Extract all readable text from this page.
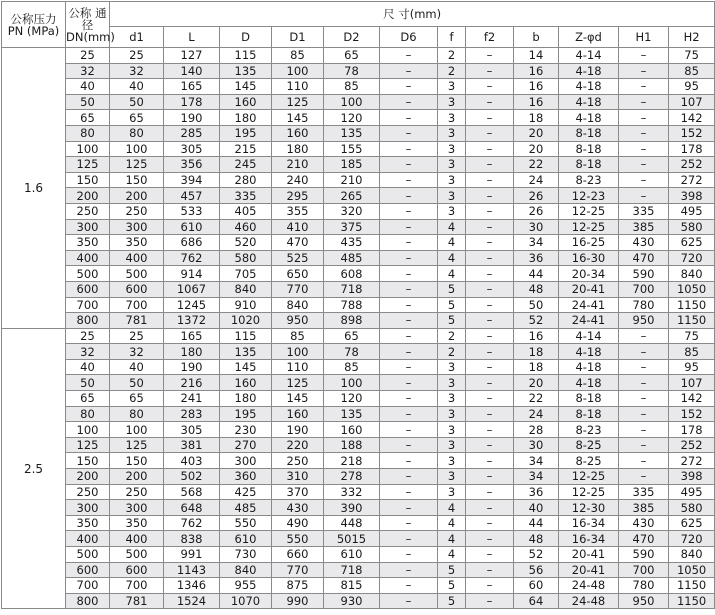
公称压力 PN (MPa)	公称 通径 DN(mm)	尺 寸(mm)											
		d1	L	D	D1	D2	D6	f	f2	b	Z-φd	H1	H2
1.6	25	25	127	115	85	65	–	2	–	14	4-14	–	75
	32	32	140	135	100	78	–	2	–	16	4-18	–	85
	40	40	165	145	110	85	–	3	–	16	4-18	–	95
	50	50	178	160	125	100	–	3	–	16	4-18	–	107
	65	65	190	180	145	120	–	3	–	18	4-18	–	142
	80	80	285	195	160	135	–	3	–	20	8-18	–	152
	100	100	305	215	180	155	–	3	–	20	8-18	–	178
	125	125	356	245	210	185	–	3	–	22	8-18	–	252
	150	150	394	280	240	210	–	3	–	24	8-23	–	272
	200	200	457	335	295	265	–	3	–	26	12-23	–	398
	250	250	533	405	355	320	–	3	–	26	12-25	335	495
	300	300	610	460	410	375	–	4	–	30	12-25	385	580
	350	350	686	520	470	435	–	4	–	34	16-25	430	625
	400	400	762	580	525	485	–	4	–	36	16-30	470	720
	500	500	914	705	650	608	–	4	–	44	20-34	590	840
	600	600	1067	840	770	718	–	5	–	48	20-41	700	1050
	700	700	1245	910	840	788	–	5	–	50	24-41	780	1150
	800	781	1372	1020	950	898	–	5	–	52	24-41	950	1150
2.5	25	25	165	115	85	65	–	2	–	16	4-14	–	75
	32	32	180	135	100	78	–	2	–	18	4-18	–	85
	40	40	190	145	110	85	–	3	–	18	4-18	–	95
	50	50	216	160	125	100	–	3	–	20	4-18	–	107
	65	65	241	180	145	120	–	3	–	22	8-18	–	142
	80	80	283	195	160	135	–	3	–	24	8-18	–	152
	100	100	305	230	190	160	–	3	–	28	8-23	–	178
	125	125	381	270	220	188	–	3	–	30	8-25	–	252
	150	150	403	300	250	218	–	3	–	34	8-25	–	272
	200	200	502	360	310	278	–	3	–	34	12-25	–	398
	250	250	568	425	370	332	–	3	–	36	12-25	335	495
	300	300	648	485	430	390	–	4	–	40	12-30	385	580
	350	350	762	550	490	448	–	4	–	44	16-34	430	625
	400	400	838	610	550	5015	–	4	–	48	16-34	470	720
	500	500	991	730	660	610	–	4	–	52	20-41	590	840
	600	600	1143	840	770	718	–	5	–	56	20-41	700	1050
	700	700	1346	955	875	815	–	5	–	60	24-48	780	1150
	800	781	1524	1070	990	930	–	5	–	64	24-48	950	1150
